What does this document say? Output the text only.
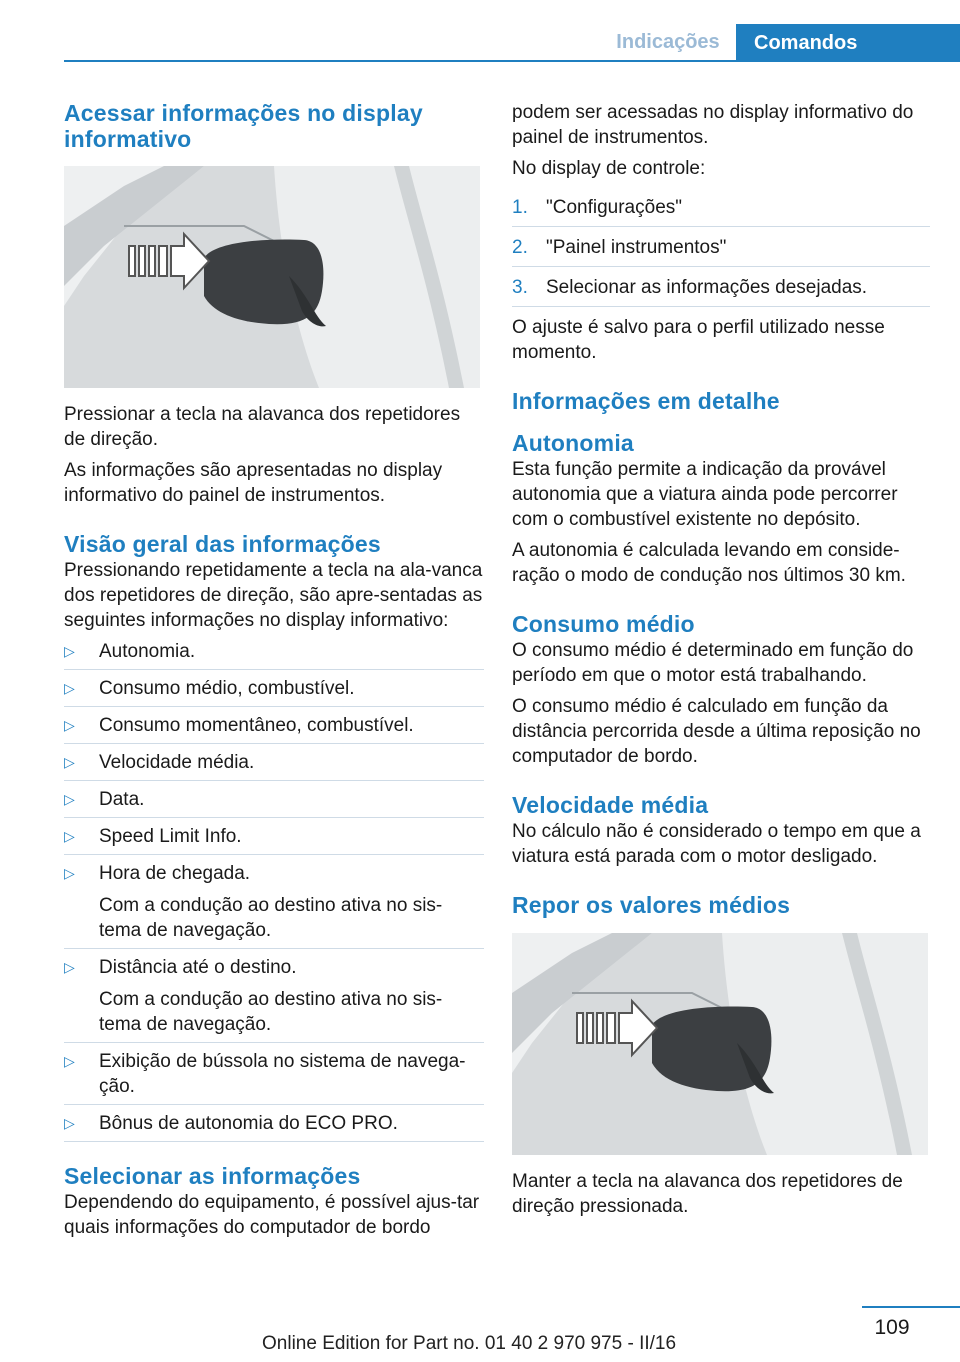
Indicações	Comandos
Acessar informações no display informativo

Pressionar a tecla na alavanca dos repetidores de direção.

As informações são apresentadas no display informativo do painel de instrumentos.

Visão geral das informações

Pressionando repetidamente a tecla na ala-vanca dos repetidores de direção, são apre-sentadas as seguintes informações no display informativo:

▷ Autonomia.
▷ Consumo médio, combustível.
▷ Consumo momentâneo, combustível.
▷ Velocidade média.
▷ Data.
▷ Speed Limit Info.
▷ Hora de chegada.
Com a condução ao destino ativa no sis-tema de navegação.
▷ Distância até o destino.
Com a condução ao destino ativa no sis-tema de navegação.
▷ Exibição de bússola no sistema de navega-ção.
▷ Bônus de autonomia do ECO PRO.
Selecionar as informações

Dependendo do equipamento, é possível ajus-tar quais informações do computador de bordo

podem ser acessadas no display informativo do painel de instrumentos.

No display de controle:

1. "Configurações"
2. "Painel instrumentos"
3. Selecionar as informações desejadas.

O ajuste é salvo para o perfil utilizado nesse momento.

Informações em detalhe
Autonomia

Esta função permite a indicação da provável autonomia que a viatura ainda pode percorrer com o combustível existente no depósito.

A autonomia é calculada levando em conside-ração o modo de condução nos últimos 30 km.

Consumo médio

O consumo médio é determinado em função do período em que o motor está trabalhando.

O consumo médio é calculado em função da distância percorrida desde a última reposição no computador de bordo.

Velocidade média

No cálculo não é considerado o tempo em que a viatura está parada com o motor desligado.

Repor os valores médios

Manter a tecla na alavanca dos repetidores de direção pressionada.

109
Online Edition for Part no. 01 40 2 970 975 - II/16
